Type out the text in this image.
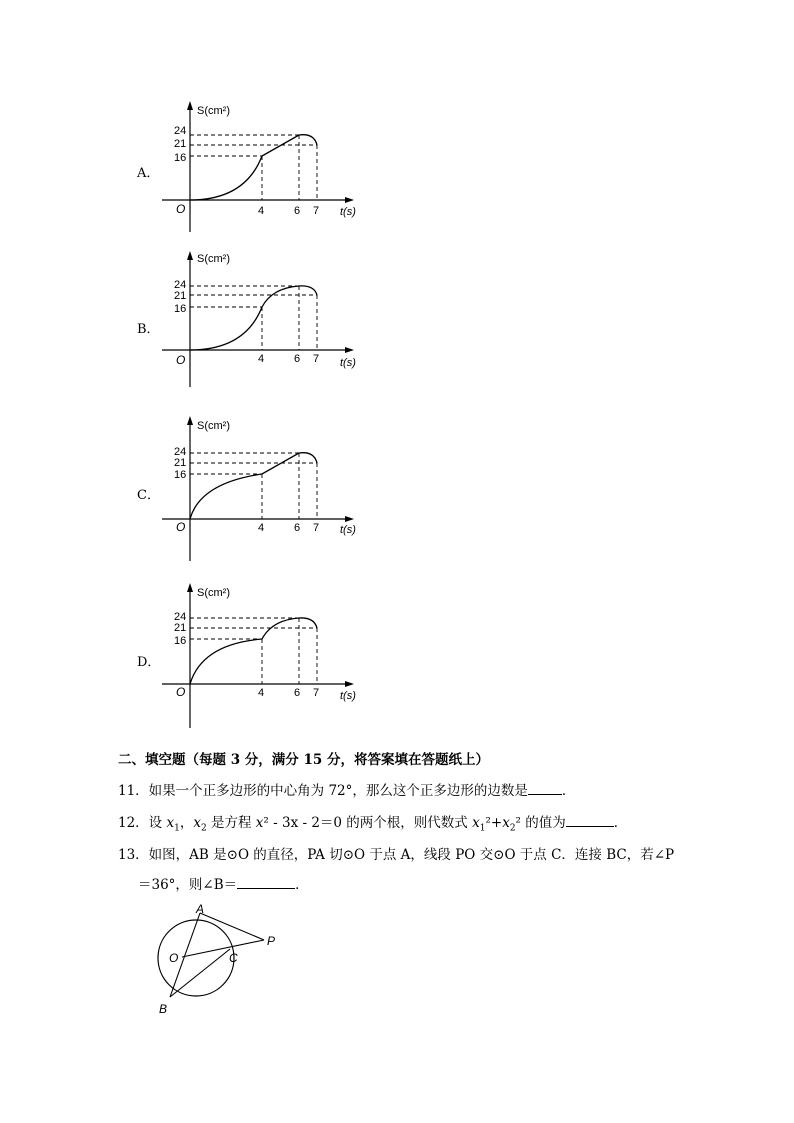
A．
B．
C．
D．
S(cm²)
t(s)
O
24
21
16
4	6 7
S(cm²)
t(s)
O
24
21
16
4	6 7
S(cm²)
t(s)
O
24
21
16
4	6 7
S(cm²)
t(s)
O
24
21
16
4	6 7
二、填空题（每题 3 分，满分 15 分，将答案填在答题纸上）
11．如果一个正多边形的中心角为 72°，那么这个正多边形的边数是	．
12．设 $x_1$，$x_2$ 是方程 x² - 3x - 2＝0 的两个根，则代数式 $x_1^2+x_2^2$ 的值为	．
13．如图，AB 是⊙O 的直径，PA 切⊙O 于点 A，线段 PO 交⊙O 于点 C．连接 BC，若∠P
＝36°，则∠B＝	．
A
O	C
P
B
